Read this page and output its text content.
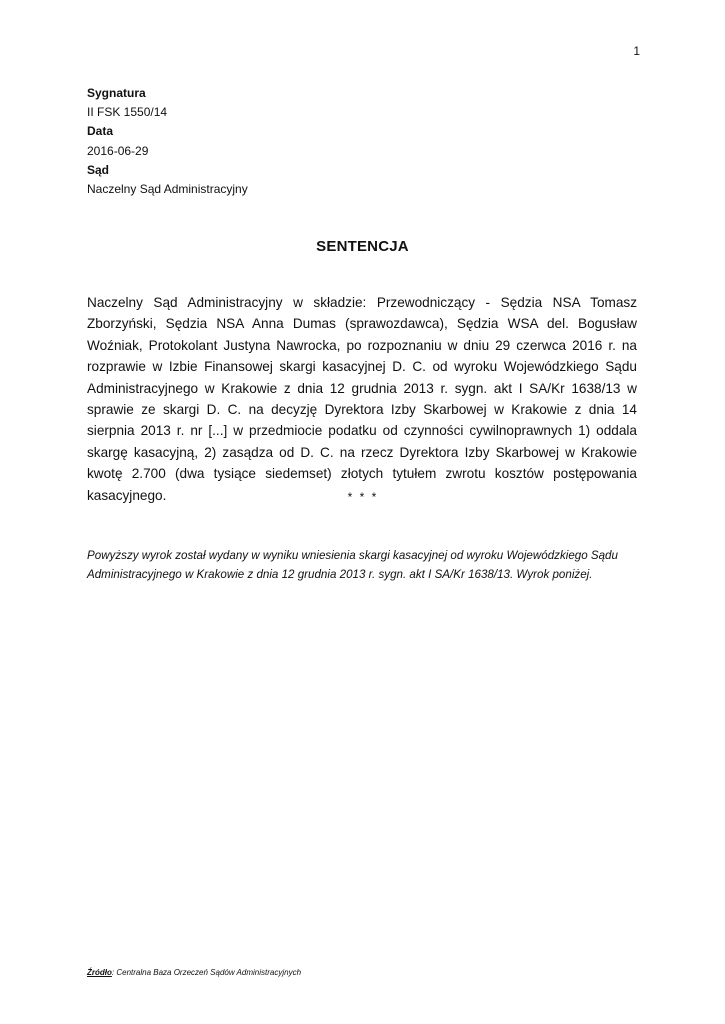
1
Sygnatura
II FSK 1550/14
Data
2016-06-29
Sąd
Naczelny Sąd Administracyjny
SENTENCJA
Naczelny Sąd Administracyjny w składzie: Przewodniczący - Sędzia NSA Tomasz Zborzyński, Sędzia NSA Anna Dumas (sprawozdawca), Sędzia WSA del. Bogusław Woźniak, Protokolant Justyna Nawrocka, po rozpoznaniu w dniu 29 czerwca 2016 r. na rozprawie w Izbie Finansowej skargi kasacyjnej D. C. od wyroku Wojewódzkiego Sądu Administracyjnego w Krakowie z dnia 12 grudnia 2013 r. sygn. akt I SA/Kr 1638/13 w sprawie ze skargi D. C. na decyzję Dyrektora Izby Skarbowej w Krakowie z dnia 14 sierpnia 2013 r. nr [...] w przedmiocie podatku od czynności cywilnoprawnych 1) oddala skargę kasacyjną, 2) zasądza od D. C. na rzecz Dyrektora Izby Skarbowej w Krakowie kwotę 2.700 (dwa tysiące siedemset) złotych tytułem zwrotu kosztów postępowania kasacyjnego.	* * *
Powyższy wyrok został wydany w wyniku wniesienia skargi kasacyjnej od wyroku Wojewódzkiego Sądu Administracyjnego w Krakowie z dnia 12 grudnia 2013 r. sygn. akt I SA/Kr 1638/13. Wyrok poniżej.
Źródło: Centralna Baza Orzeczeń Sądów Administracyjnych
